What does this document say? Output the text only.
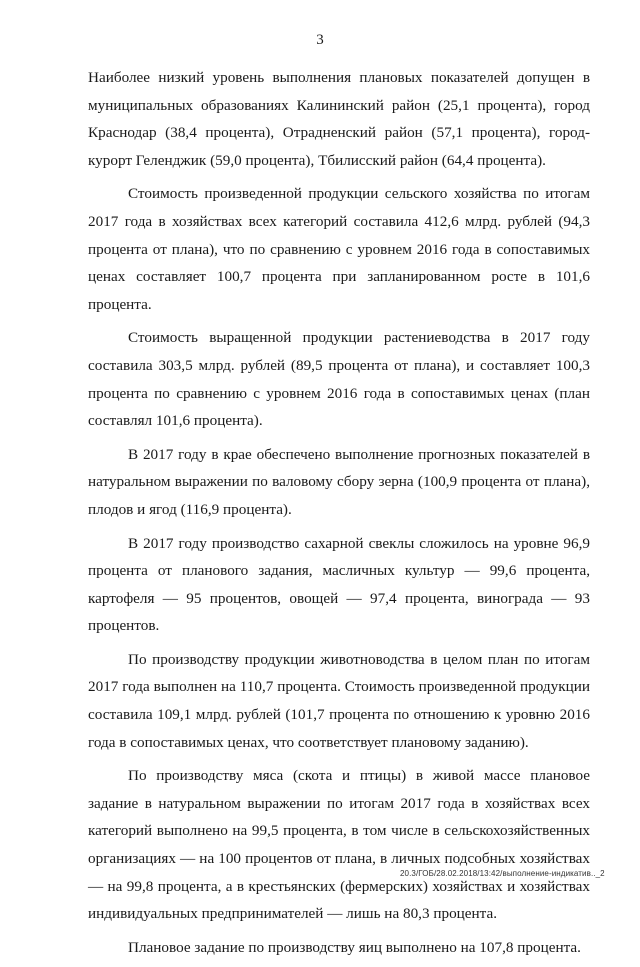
3

Наиболее низкий уровень выполнения плановых показателей допущен в муниципальных образованиях Калининский район (25,1 процента), город Краснодар (38,4 процента), Отрадненский район (57,1 процента), город-курорт Геленджик (59,0 процента), Тбилисский район (64,4 процента).

Стоимость произведенной продукции сельского хозяйства по итогам 2017 года в хозяйствах всех категорий составила 412,6 млрд. рублей (94,3 процента от плана), что по сравнению с уровнем 2016 года в сопоставимых ценах составляет 100,7 процента при запланированном росте в 101,6 процента.

Стоимость выращенной продукции растениеводства в 2017 году составила 303,5 млрд. рублей (89,5 процента от плана), и составляет 100,3 процента по сравнению с уровнем 2016 года в сопоставимых ценах (план составлял 101,6 процента).

В 2017 году в крае обеспечено выполнение прогнозных показателей в натуральном выражении по валовому сбору зерна (100,9 процента от плана), плодов и ягод (116,9 процента).

В 2017 году производство сахарной свеклы сложилось на уровне 96,9 процента от планового задания, масличных культур — 99,6 процента, картофеля — 95 процентов, овощей — 97,4 процента, винограда — 93 процентов.

По производству продукции животноводства в целом план по итогам 2017 года выполнен на 110,7 процента. Стоимость произведенной продукции составила 109,1 млрд. рублей (101,7 процента по отношению к уровню 2016 года в сопоставимых ценах, что соответствует плановому заданию).

По производству мяса (скота и птицы) в живой массе плановое задание в натуральном выражении по итогам 2017 года в хозяйствах всех категорий выполнено на 99,5 процента, в том числе в сельскохозяйственных организациях — на 100 процентов от плана, в личных подсобных хозяйствах — на 99,8 процента, а в крестьянских (фермерских) хозяйствах и хозяйствах индивидуальных предпринимателей — лишь на 80,3 процента.

Плановое задание по производству яиц выполнено на 107,8 процента.

20.3/ГОБ/28.02.2018/13:42/выполнение-индикатив.._2
